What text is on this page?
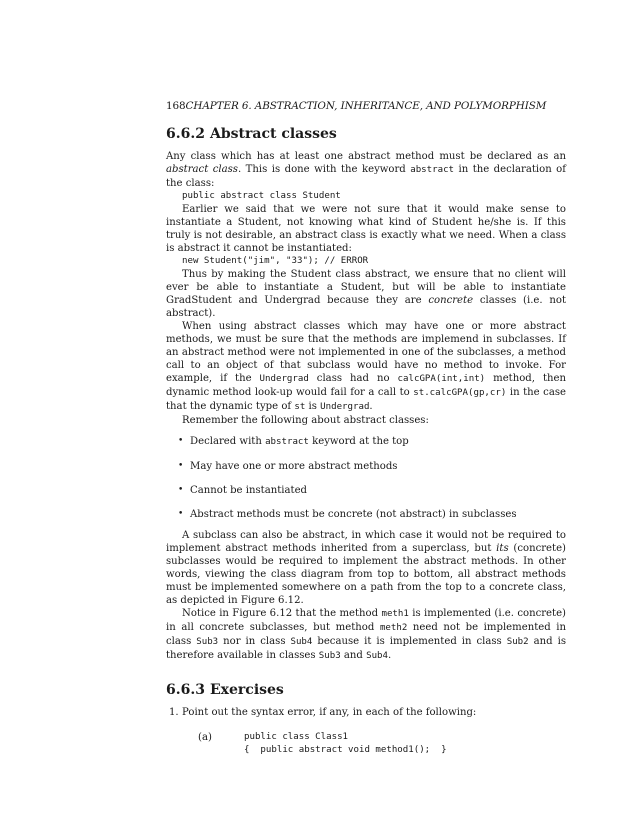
168CHAPTER 6. ABSTRACTION, INHERITANCE, AND POLYMORPHISM
6.6.2 Abstract classes

Any class which has at least one abstract method must be declared as an abstract class. This is done with the keyword abstract in the declaration of the class:

public abstract class Student

Earlier we said that we were not sure that it would make sense to instantiate a Student, not knowing what kind of Student he/she is. If this truly is not desirable, an abstract class is exactly what we need. When a class is abstract it cannot be instantiated:

new Student("jim", "33"); // ERROR

Thus by making the Student class abstract, we ensure that no client will ever be able to instantiate a Student, but will be able to instantiate GradStudent and Undergrad because they are concrete classes (i.e. not abstract).

When using abstract classes which may have one or more abstract methods, we must be sure that the methods are implemend in subclasses. If an abstract method were not implemented in one of the subclasses, a method call to an object of that subclass would have no method to invoke. For example, if the Undergrad class had no calcGPA(int,int) method, then dynamic method look-up would fail for a call to st.calcGPA(gp,cr) in the case that the dynamic type of st is Undergrad.

Remember the following about abstract classes:

• Declared with abstract keyword at the top
• May have one or more abstract methods
• Cannot be instantiated
• Abstract methods must be concrete (not abstract) in subclasses

A subclass can also be abstract, in which case it would not be required to implement abstract methods inherited from a superclass, but its (concrete) subclasses would be required to implement the abstract methods. In other words, viewing the class diagram from top to bottom, all abstract methods must be implemented somewhere on a path from the top to a concrete class, as depicted in Figure 6.12.

Notice in Figure 6.12 that the method meth1 is implemented (i.e. concrete) in all concrete subclasses, but method meth2 need not be implemented in class Sub3 nor in class Sub4 because it is implemented in class Sub2 and is therefore available in classes Sub3 and Sub4.

6.6.3 Exercises
1. Point out the syntax error, if any, in each of the following:
(a)	public class Class1
{  public abstract void method1();  }
